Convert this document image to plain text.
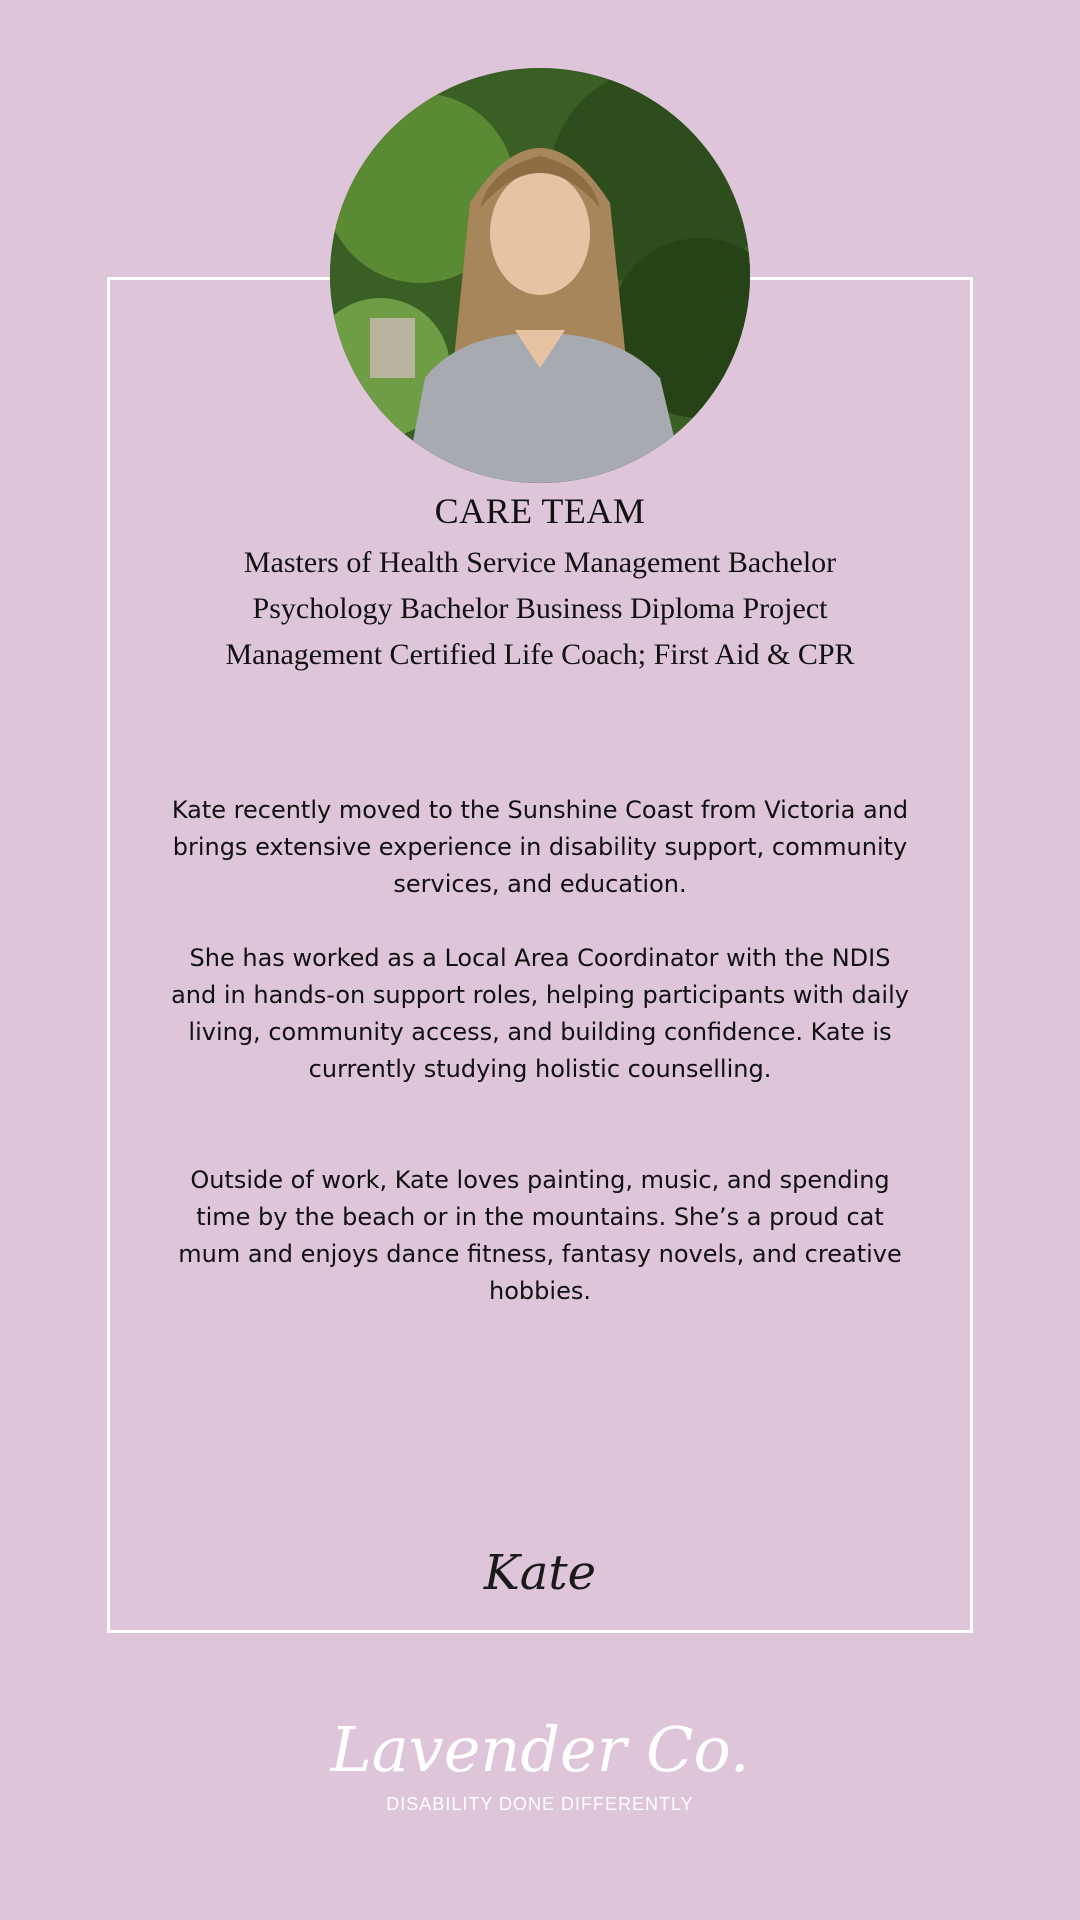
CARE TEAM
Masters of Health Service Management Bachelor Psychology Bachelor Business Diploma Project Management Certified Life Coach; First Aid & CPR

Kate recently moved to the Sunshine Coast from Victoria and brings extensive experience in disability support, community services, and education.

She has worked as a Local Area Coordinator with the NDIS and in hands-on support roles, helping participants with daily living, community access, and building confidence. Kate is currently studying holistic counselling.

Outside of work, Kate loves painting, music, and spending time by the beach or in the mountains. She’s a proud cat mum and enjoys dance fitness, fantasy novels, and creative hobbies.

Kate
Lavender Co.
DISABILITY DONE DIFFERENTLY
